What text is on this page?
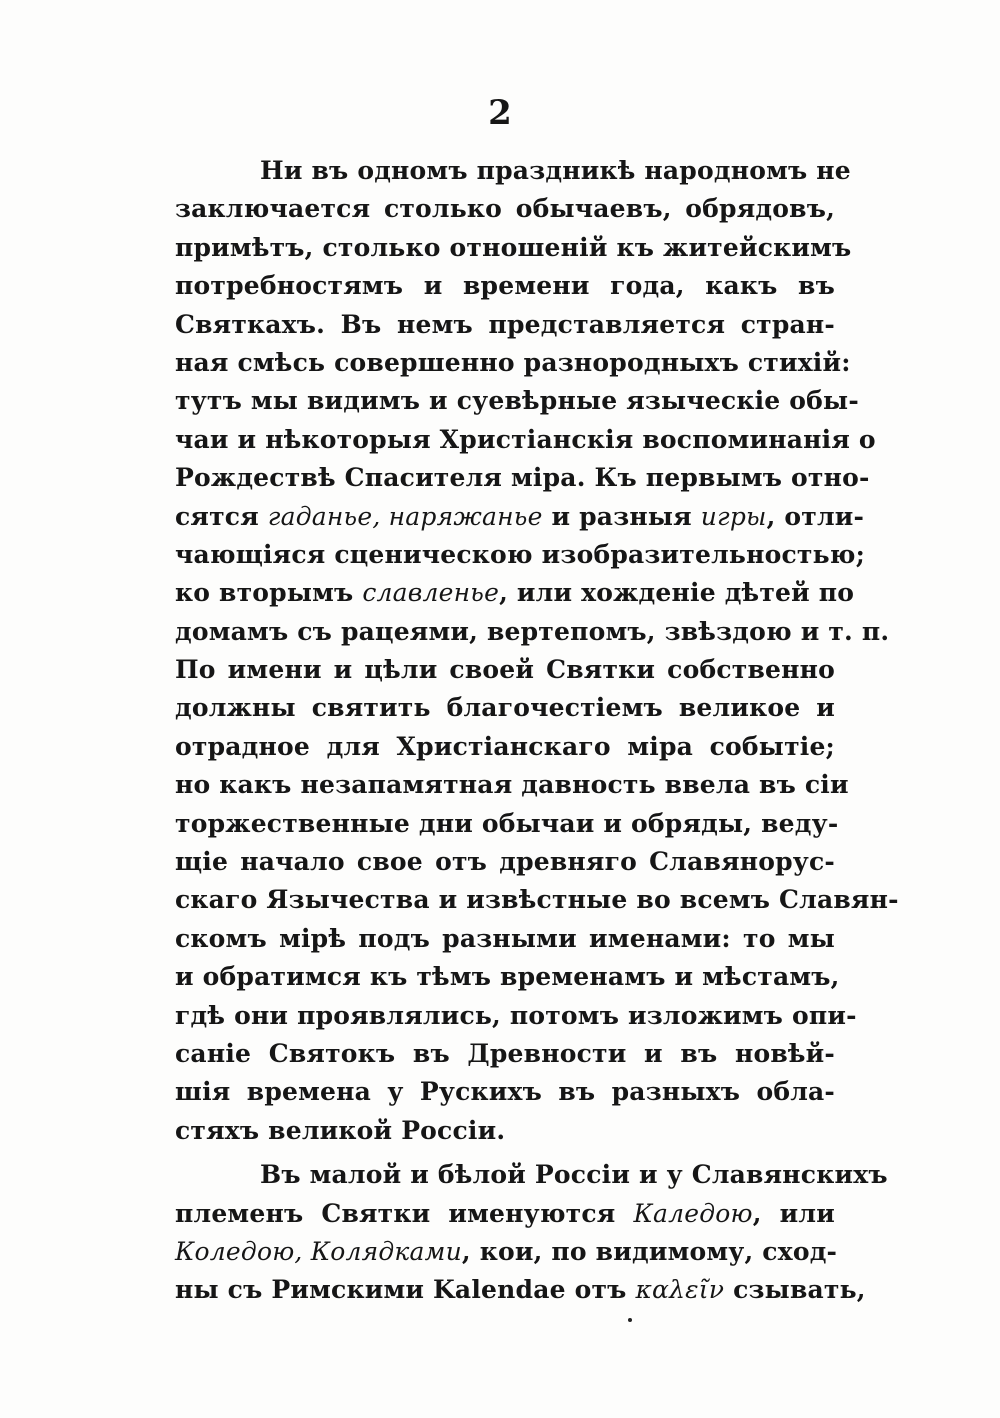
2
Ни въ одномъ праздникѣ народномъ не
заключается столько обычаевъ, обрядовъ,
примѣтъ, столько отношеній къ житейскимъ
потребностямъ и времени года, какъ въ
Святкахъ. Въ немъ представляется стран-
ная смѣсь совершенно разнородныхъ стихій:
тутъ мы видимъ и суевѣрные языческіе обы-
чаи и нѣкоторыя Христіанскія воспоминанія о
Рождествѣ Спасителя міра. Къ первымъ отно-
сятся гаданье, наряжанье и разныя игры, отли-
чающіяся сценическою изобразительностью;
ко вторымъ славленье, или хожденіе дѣтей по
домамъ съ рацеями, вертепомъ, звѣздою и т. п.
По имени и цѣли своей Святки собственно
должны святить благочестіемъ великое и
отрадное для Христіанскаго міра событіе;
но какъ незапамятная давность ввела въ сіи
торжественные дни обычаи и обряды, веду-
щіе начало свое отъ древняго Славянорус-
скаго Язычества и извѣстные во всемъ Славян-
скомъ мірѣ подъ разными именами: то мы
и обратимся къ тѣмъ временамъ и мѣстамъ,
гдѣ они проявлялись, потомъ изложимъ опи-
саніе Святокъ въ Древности и въ новѣй-
шія времена у Рускихъ въ разныхъ обла-
стяхъ великой Россіи.
Въ малой и бѣлой Россіи и у Славянскихъ
племенъ Святки именуются Каледою, или
Коледою, Колядками, кои, по видимому, сход-
ны съ Римскими Kalendae отъ καλεῖν сзывать,
